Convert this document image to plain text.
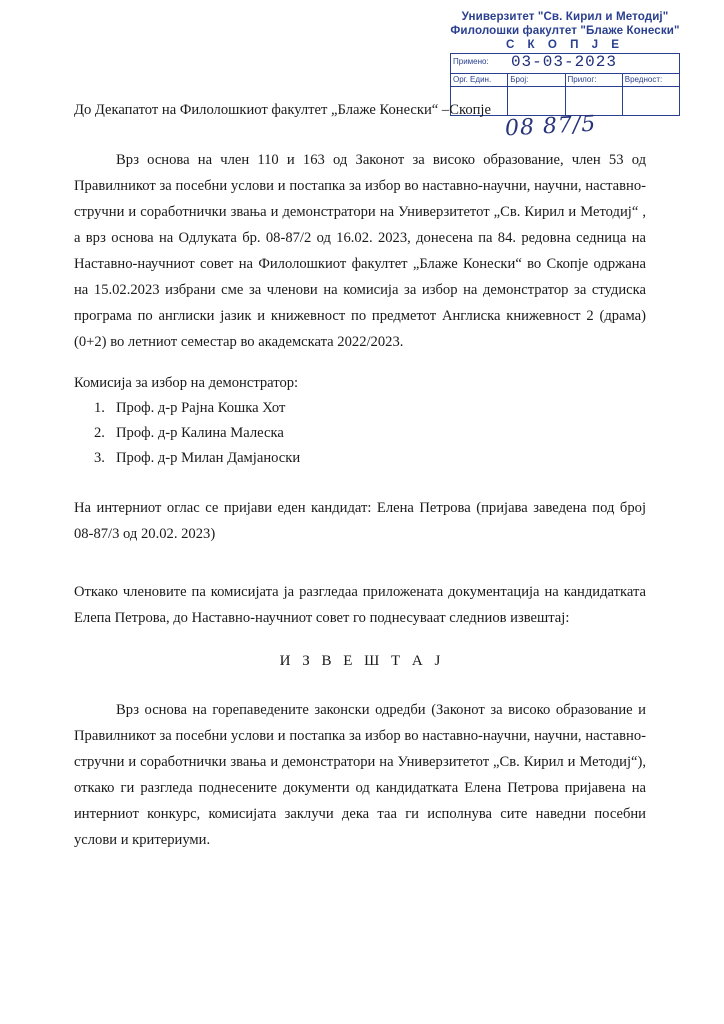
Универзитет "Св. Кирил и Методиј"
Филолошки факултет "Блаже Конески"
С К О П Ј Е
Примено: 03-03-2023			
Орг. Един.	Број:	Прилог:	Вредност:

08 87/5
До Декапатот на Филолошкиот факултет „Блаже Конески“ –Скопје

Врз основа на член 110 и 163 од Законот за високо образование, член 53 од Правилникот за посебни услови и постапка за избор во наставно-научни, научни, наставно-стручни и соработнички звања и демонстратори на Универзитетот „Св. Кирил и Методиј“ , а врз основа на Одлуката бр. 08-87/2 од 16.02. 2023, донесена па 84. редовна седница на Наставно-научниот совет на Филолошкиот факултет „Блаже Конески“ во Скопје одржана на 15.02.2023 избрани сме за членови на комисија за избор на демонстратор за студиска програма по англиски јазик и книжевност по предметот Англиска книжевност 2 (драма) (0+2) во летниот семестар во академската 2022/2023.

Комисија за избор на демонстратор:
1. Проф. д-р Рајна Кошка Хот
2. Проф. д-р Калина Малеска
3. Проф. д-р Милан Дамјаноски

На интерниот оглас се пријави еден кандидат: Елена Петрова (пријава заведена под број 08-87/3 од 20.02. 2023)

Откако членовите па комисијата ја разгледаа приложената документација на кандидатката Елепа Петрова, до Наставно-научниот совет го поднесуваат следниов извештај:

И З В Е Ш Т А Ј

Врз основа на горепаведените законски одредби (Законот за високо образование и Правилникот за посебни услови и постапка за избор во наставно-научни, научни, наставно-стручни и соработнички звања и демонстратори на Универзитетот „Св. Кирил и Методиј“), откако ги разгледа поднесените документи од кандидатката Елена Петрова пријавена на интерниот конкурс, комисијата заклучи дека таа ги исполнува сите наведни посебни услови и критериуми.
